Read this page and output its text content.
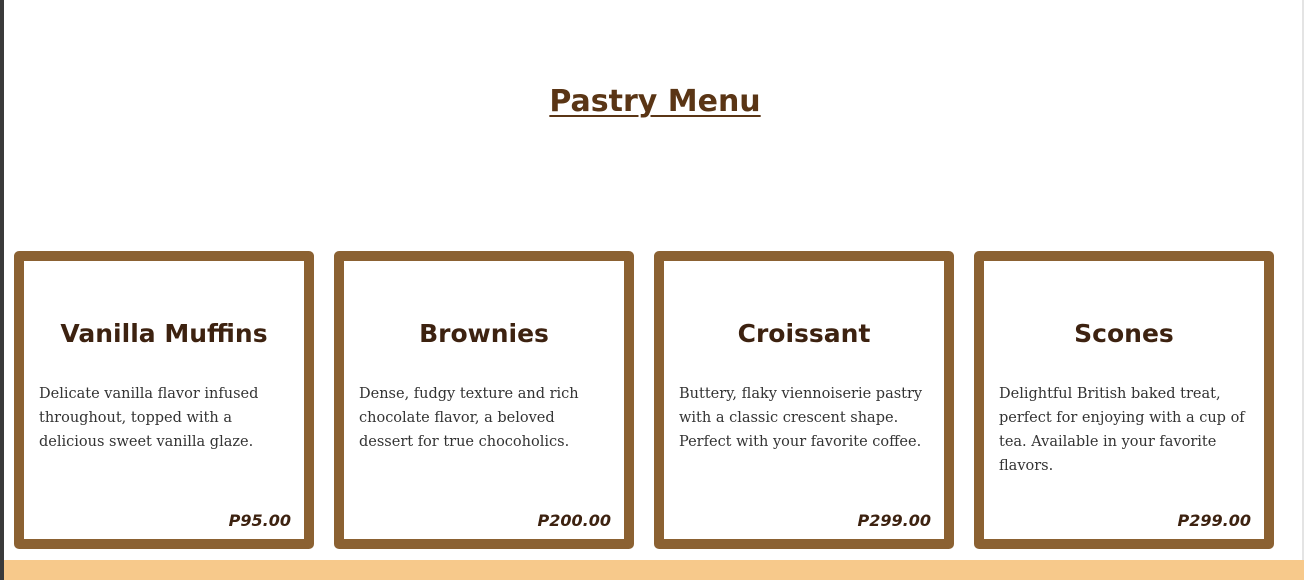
Pastry Menu
Vanilla Muffins

Delicate vanilla flavor infused throughout, topped with a delicious sweet vanilla glaze.

P95.00

Brownies

Dense, fudgy texture and rich chocolate flavor, a beloved dessert for true chocoholics.

P200.00

Croissant

Buttery, flaky viennoiserie pastry with a classic crescent shape. Perfect with your favorite coffee.

P299.00

Scones

Delightful British baked treat, perfect for enjoying with a cup of tea. Available in your favorite flavors.

P299.00
